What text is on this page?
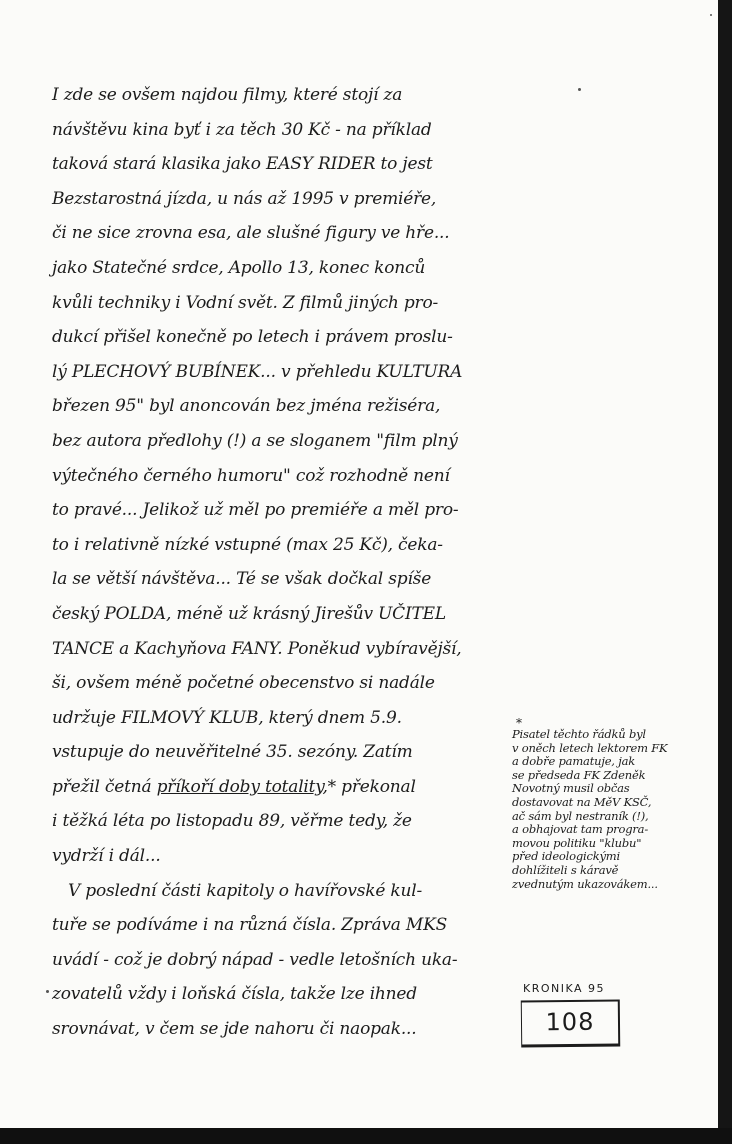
I zde se ovšem najdou filmy, které stojí za
návštěvu kina byť i za těch 30 Kč - na příklad
taková stará klasika jako EASY RIDER to jest
Bezstarostná jízda, u nás až 1995 v premiéře,
či ne sice zrovna esa, ale slušné figury ve hře...
jako Statečné srdce, Apollo 13, konec konců
kvůli techniky i Vodní svět. Z filmů jiných pro-
dukcí přišel konečně po letech i právem proslu-
lý PLECHOVÝ BUBÍNEK... v přehledu KULTURA
březen 95" byl anoncován bez jména režiséra,
bez autora předlohy (!) a se sloganem "film plný
výtečného černého humoru" což rozhodně není
to pravé... Jelikož už měl po premiéře a měl pro-
to i relativně nízké vstupné (max 25 Kč), čeka-
la se větší návštěva... Té se však dočkal spíše
český POLDA, méně už krásný Jirešův UČITEL
TANCE a Kachyňova FANY. Poněkud vybíravější,
ši, ovšem méně početné obecenstvo si nadále
udržuje FILMOVÝ KLUB, který dnem 5.9.
vstupuje do neuvěřitelné 35. sezóny. Zatím
přežil četná příkoří doby totality,* překonal
i těžká léta po listopadu 89, věřme tedy, že
vydrží i dál...
V poslední části kapitoly o havířovské kul-
tuře se podíváme i na různá čísla. Zpráva MKS
uvádí - což je dobrý nápad - vedle letošních uka-
zovatelů vždy i loňská čísla, takže lze ihned
srovnávat, v čem se jde nahoru či naopak...
*
Pisatel těchto řádků byl
v oněch letech lektorem FK
a dobře pamatuje, jak
se předseda FK Zdeněk
Novotný musil občas
dostavovat na MěV KSČ,
ač sám byl nestraník (!),
a obhajovat tam progra-
movou politiku "klubu"
před ideologickými
dohlížiteli s káravě
zvednutým ukazovákem...
KRONIKA 95
108
